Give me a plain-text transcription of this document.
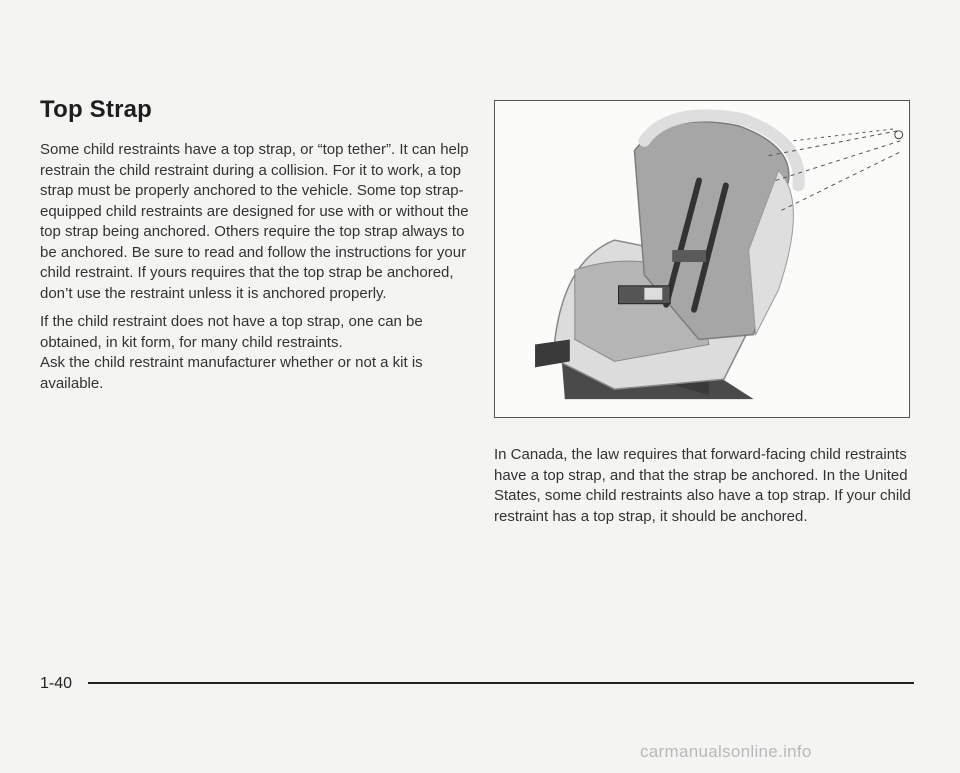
Top Strap

Some child restraints have a top strap, or “top tether”. It can help restrain the child restraint during a collision. For it to work, a top strap must be properly anchored to the vehicle. Some top strap-equipped child restraints are designed for use with or without the top strap being anchored. Others require the top strap always to be anchored. Be sure to read and follow the instructions for your child restraint. If yours requires that the top strap be anchored, don’t use the restraint unless it is anchored properly.

If the child restraint does not have a top strap, one can be obtained, in kit form, for many child restraints.

Ask the child restraint manufacturer whether or not a kit is available.

In Canada, the law requires that forward-facing child restraints have a top strap, and that the strap be anchored. In the United States, some child restraints also have a top strap. If your child restraint has a top strap, it should be anchored.

1-40
carmanualsonline.info
